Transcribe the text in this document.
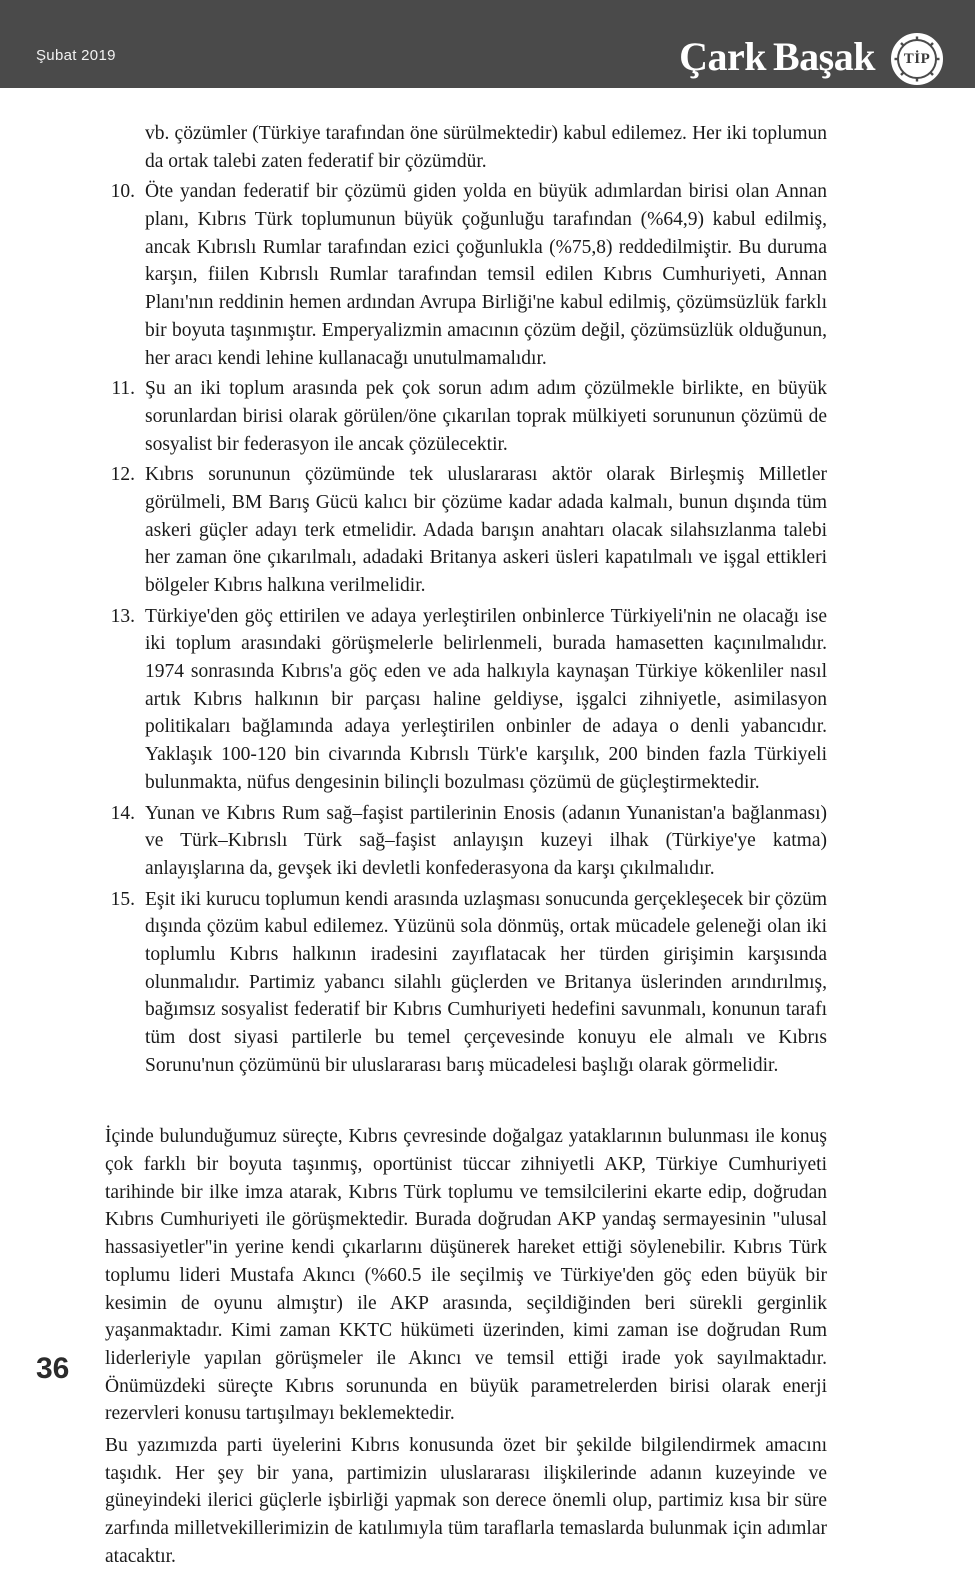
Şubat 2019	Çark Başak	TİP

vb. çözümler (Türkiye tarafından öne sürülmektedir) kabul edilemez. Her iki toplumun da ortak talebi zaten federatif bir çözümdür.

10. Öte yandan federatif bir çözümü giden yolda en büyük adımlardan birisi olan Annan planı, Kıbrıs Türk toplumunun büyük çoğunluğu tarafından (%64,9) kabul edilmiş, ancak Kıbrıslı Rumlar tarafından ezici çoğunlukla (%75,8) reddedilmiştir. Bu duruma karşın, fiilen Kıbrıslı Rumlar tarafından temsil edilen Kıbrıs Cumhuriyeti, Annan Planı'nın reddinin hemen ardından Avrupa Birliği'ne kabul edilmiş, çözümsüzlük farklı bir boyuta taşınmıştır. Emperyalizmin amacının çözüm değil, çözümsüzlük olduğunun, her aracı kendi lehine kullanacağı unutulmamalıdır.
11. Şu an iki toplum arasında pek çok sorun adım adım çözülmekle birlikte, en büyük sorunlardan birisi olarak görülen/öne çıkarılan toprak mülkiyeti sorununun çözümü de sosyalist bir federasyon ile ancak çözülecektir.
12. Kıbrıs sorununun çözümünde tek uluslararası aktör olarak Birleşmiş Milletler görülmeli, BM Barış Gücü kalıcı bir çözüme kadar adada kalmalı, bunun dışında tüm askeri güçler adayı terk etmelidir. Adada barışın anahtarı olacak silahsızlanma talebi her zaman öne çıkarılmalı, adadaki Britanya askeri üsleri kapatılmalı ve işgal ettikleri bölgeler Kıbrıs halkına verilmelidir.
13. Türkiye'den göç ettirilen ve adaya yerleştirilen onbinlerce Türkiyeli'nin ne olacağı ise iki toplum arasındaki görüşmelerle belirlenmeli, burada hamasetten kaçınılmalıdır. 1974 sonrasında Kıbrıs'a göç eden ve ada halkıyla kaynaşan Türkiye kökenliler nasıl artık Kıbrıs halkının bir parçası haline geldiyse, işgalci zihniyetle, asimilasyon politikaları bağlamında adaya yerleştirilen onbinler de adaya o denli yabancıdır. Yaklaşık 100-120 bin civarında Kıbrıslı Türk'e karşılık, 200 binden fazla Türkiyeli bulunmakta, nüfus dengesinin bilinçli bozulması çözümü de güçleştirmektedir.
14. Yunan ve Kıbrıs Rum sağ–faşist partilerinin Enosis (adanın Yunanistan'a bağlanması) ve Türk–Kıbrıslı Türk sağ–faşist anlayışın kuzeyi ilhak (Türkiye'ye katma) anlayışlarına da, gevşek iki devletli konfederasyona da karşı çıkılmalıdır.
15. Eşit iki kurucu toplumun kendi arasında uzlaşması sonucunda gerçekleşecek bir çözüm dışında çözüm kabul edilemez. Yüzünü sola dönmüş, ortak mücadele geleneği olan iki toplumlu Kıbrıs halkının iradesini zayıflatacak her türden girişimin karşısında olunmalıdır. Partimiz yabancı silahlı güçlerden ve Britanya üslerinden arındırılmış, bağımsız sosyalist federatif bir Kıbrıs Cumhuriyeti hedefini savunmalı, konunun tarafı tüm dost siyasi partilerle bu temel çerçevesinde konuyu ele almalı ve Kıbrıs Sorunu'nun çözümünü bir uluslararası barış mücadelesi başlığı olarak görmelidir.

İçinde bulunduğumuz süreçte, Kıbrıs çevresinde doğalgaz yataklarının bulunması ile konuş çok farklı bir boyuta taşınmış, oportünist tüccar zihniyetli AKP, Türkiye Cumhuriyeti tarihinde bir ilke imza atarak, Kıbrıs Türk toplumu ve temsilcilerini ekarte edip, doğrudan Kıbrıs Cumhuriyeti ile görüşmektedir. Burada doğrudan AKP yandaş sermayesinin "ulusal hassasiyetler"in yerine kendi çıkarlarını düşünerek hareket ettiği söylenebilir. Kıbrıs Türk toplumu lideri Mustafa Akıncı (%60.5 ile seçilmiş ve Türkiye'den göç eden büyük bir kesimin de oyunu almıştır) ile AKP arasında, seçildiğinden beri sürekli gerginlik yaşanmaktadır. Kimi zaman KKTC hükümeti üzerinden, kimi zaman ise doğrudan Rum liderleriyle yapılan görüşmeler ile Akıncı ve temsil ettiği irade yok sayılmaktadır. Önümüzdeki süreçte Kıbrıs sorununda en büyük parametrelerden birisi olarak enerji rezervleri konusu tartışılmayı beklemektedir.

Bu yazımızda parti üyelerini Kıbrıs konusunda özet bir şekilde bilgilendirmek amacını taşıdık. Her şey bir yana, partimizin uluslararası ilişkilerinde adanın kuzeyinde ve güneyindeki ilerici güçlerle işbirliği yapmak son derece önemli olup, partimiz kısa bir süre zarfında milletvekillerimizin de katılımıyla tüm taraflarla temaslarda bulunmak için adımlar atacaktır.

36
